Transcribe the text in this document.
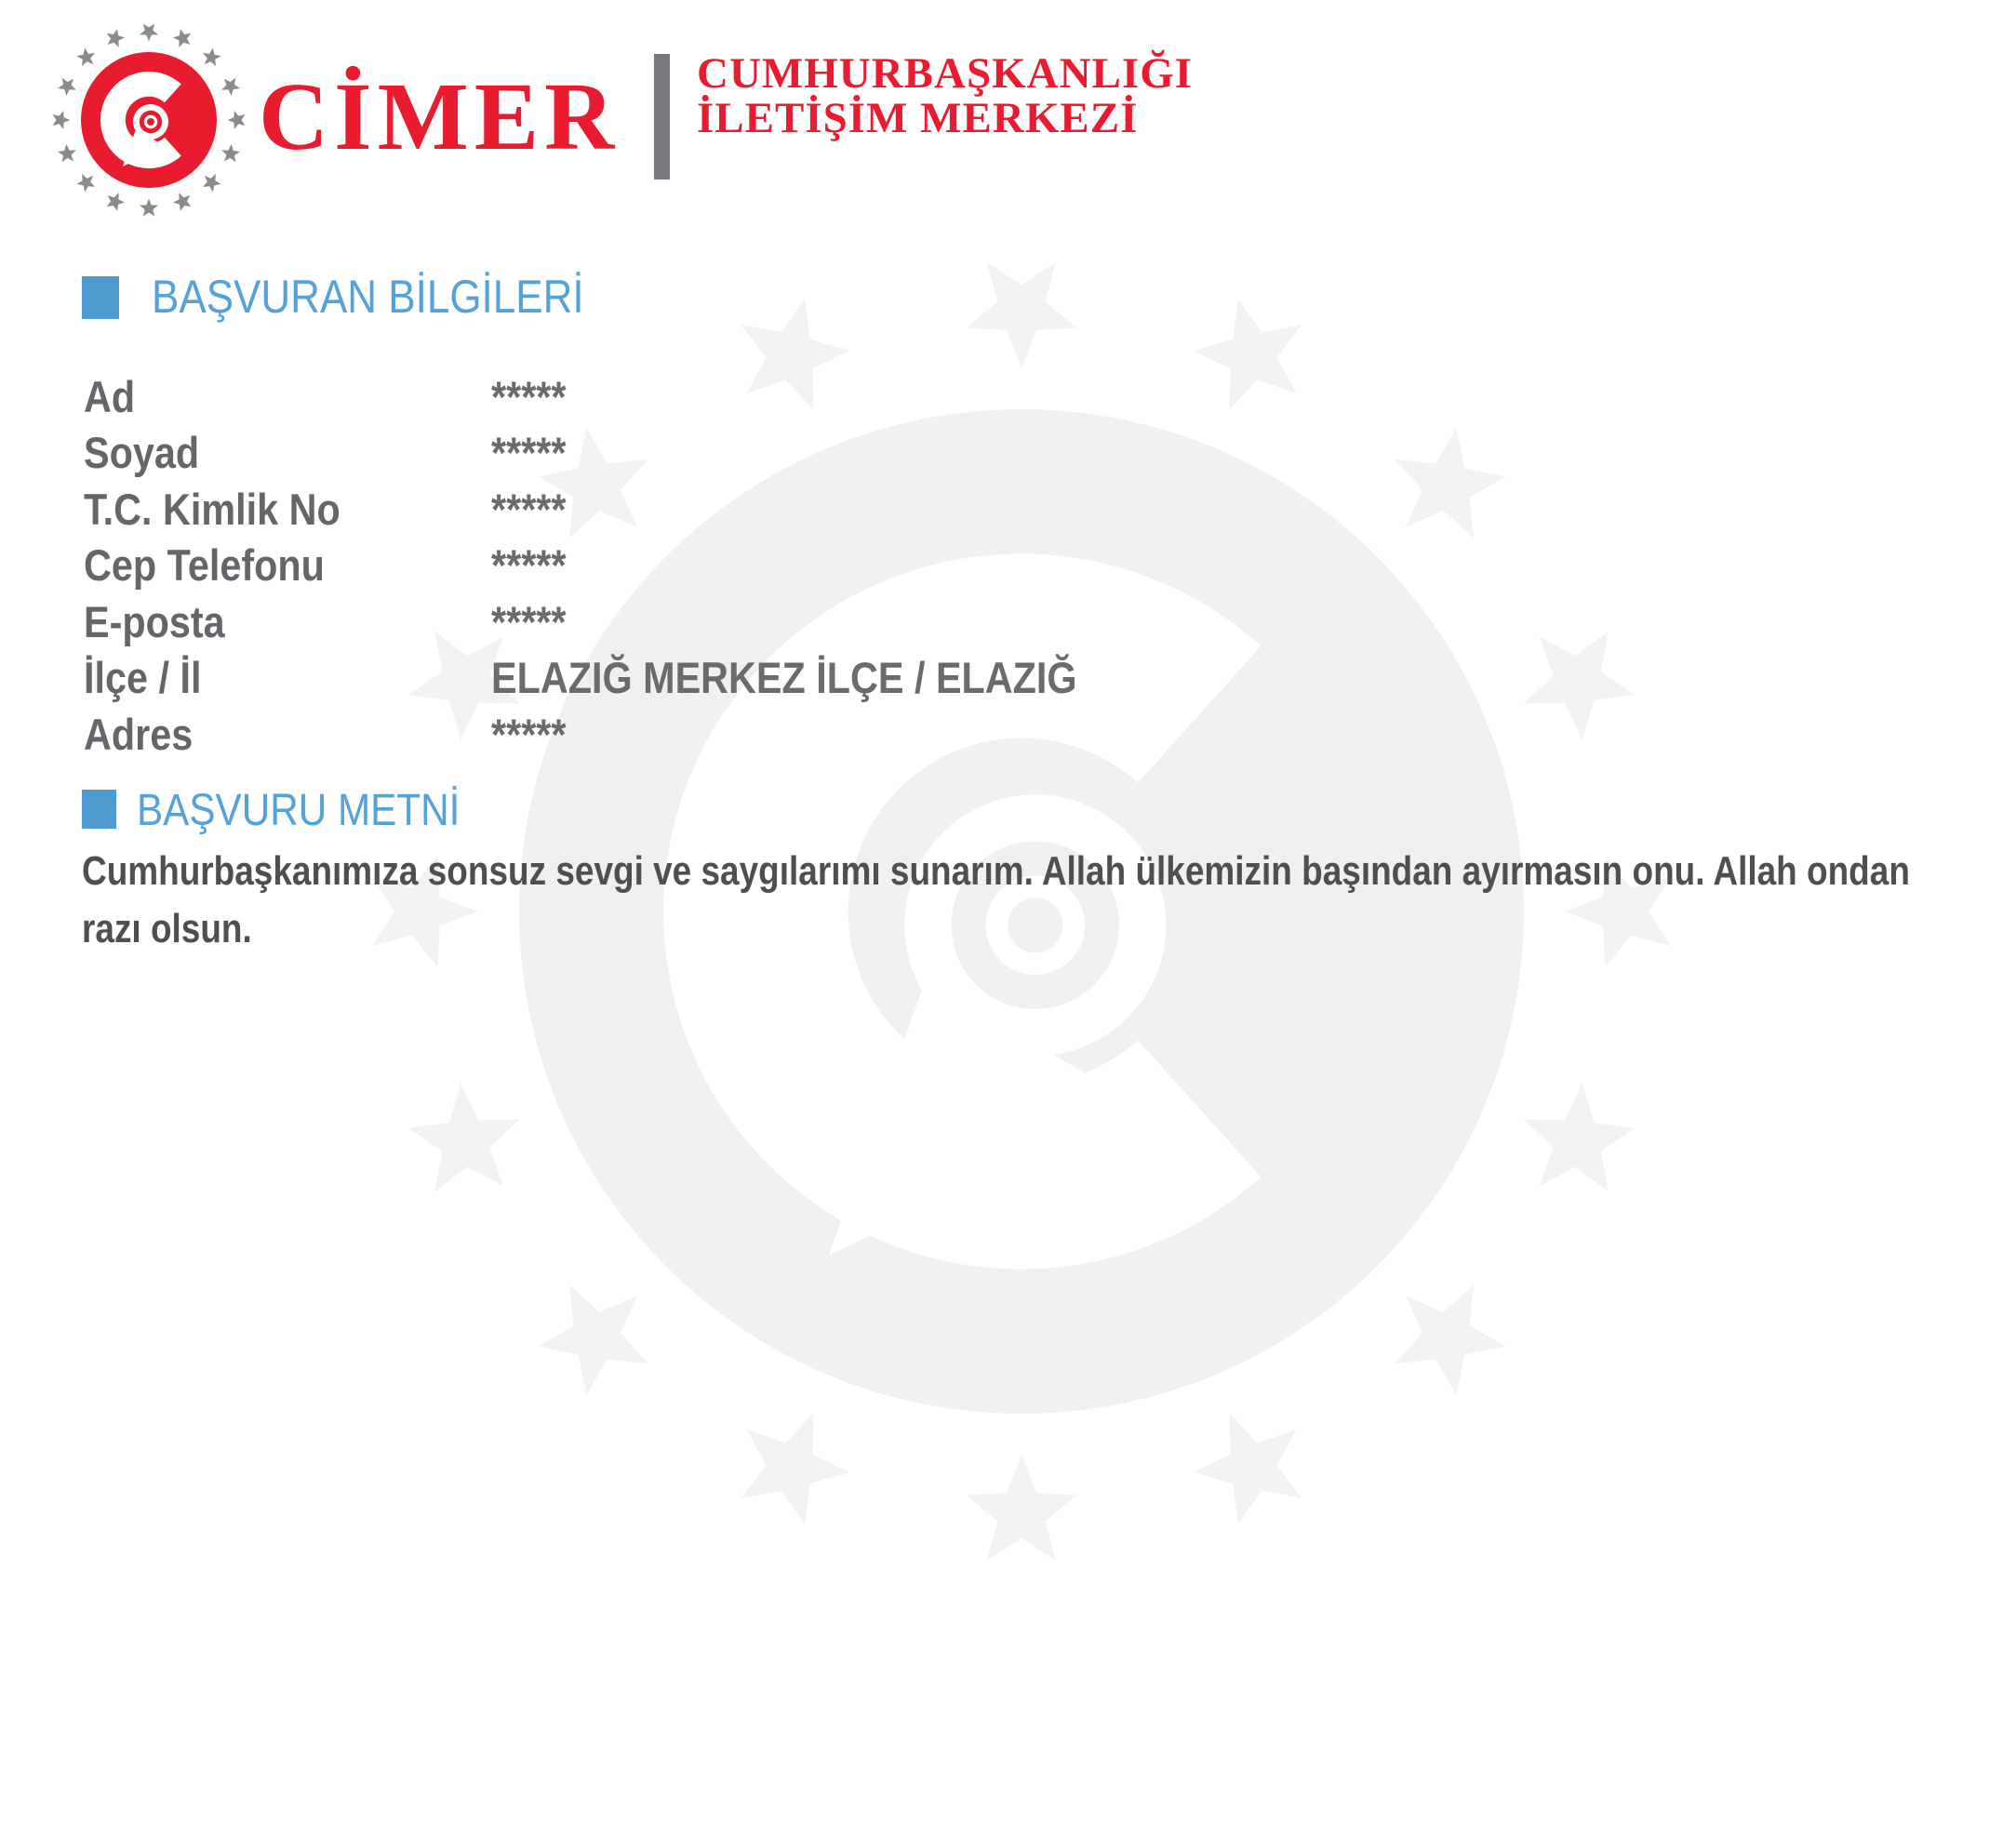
CİMER CUMHURBAŞKANLIĞI
İLETİŞİM MERKEZİ
BAŞVURAN BİLGİLERİ
Ad	*****
Soyad	*****
T.C. Kimlik No	*****
Cep Telefonu	*****
E-posta	*****
İlçe / İl	ELAZIĞ MERKEZ İLÇE / ELAZIĞ
Adres	*****
BAŞVURU METNİ
Cumhurbaşkanımıza sonsuz sevgi ve saygılarımı sunarım. Allah ülkemizin başından ayırmasın onu. Allah ondan razı olsun.
